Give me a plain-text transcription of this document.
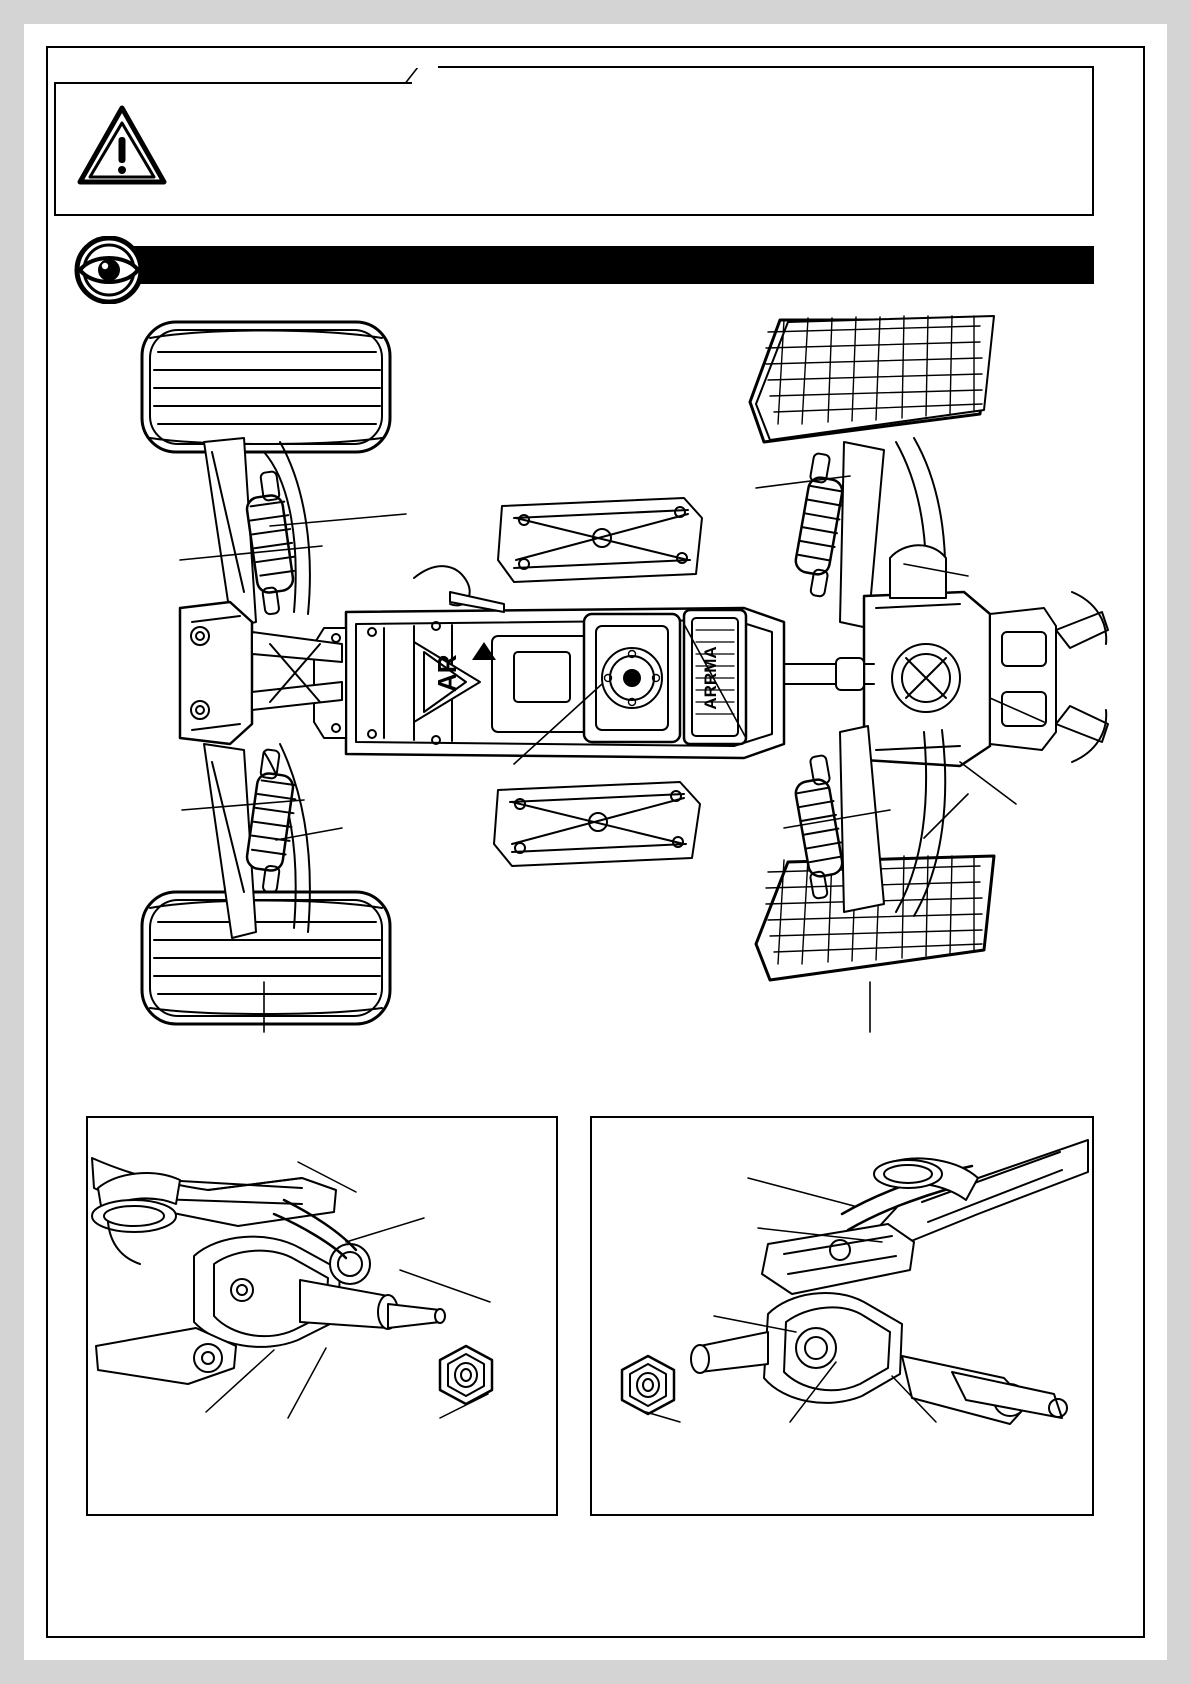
AR	ARRMA
